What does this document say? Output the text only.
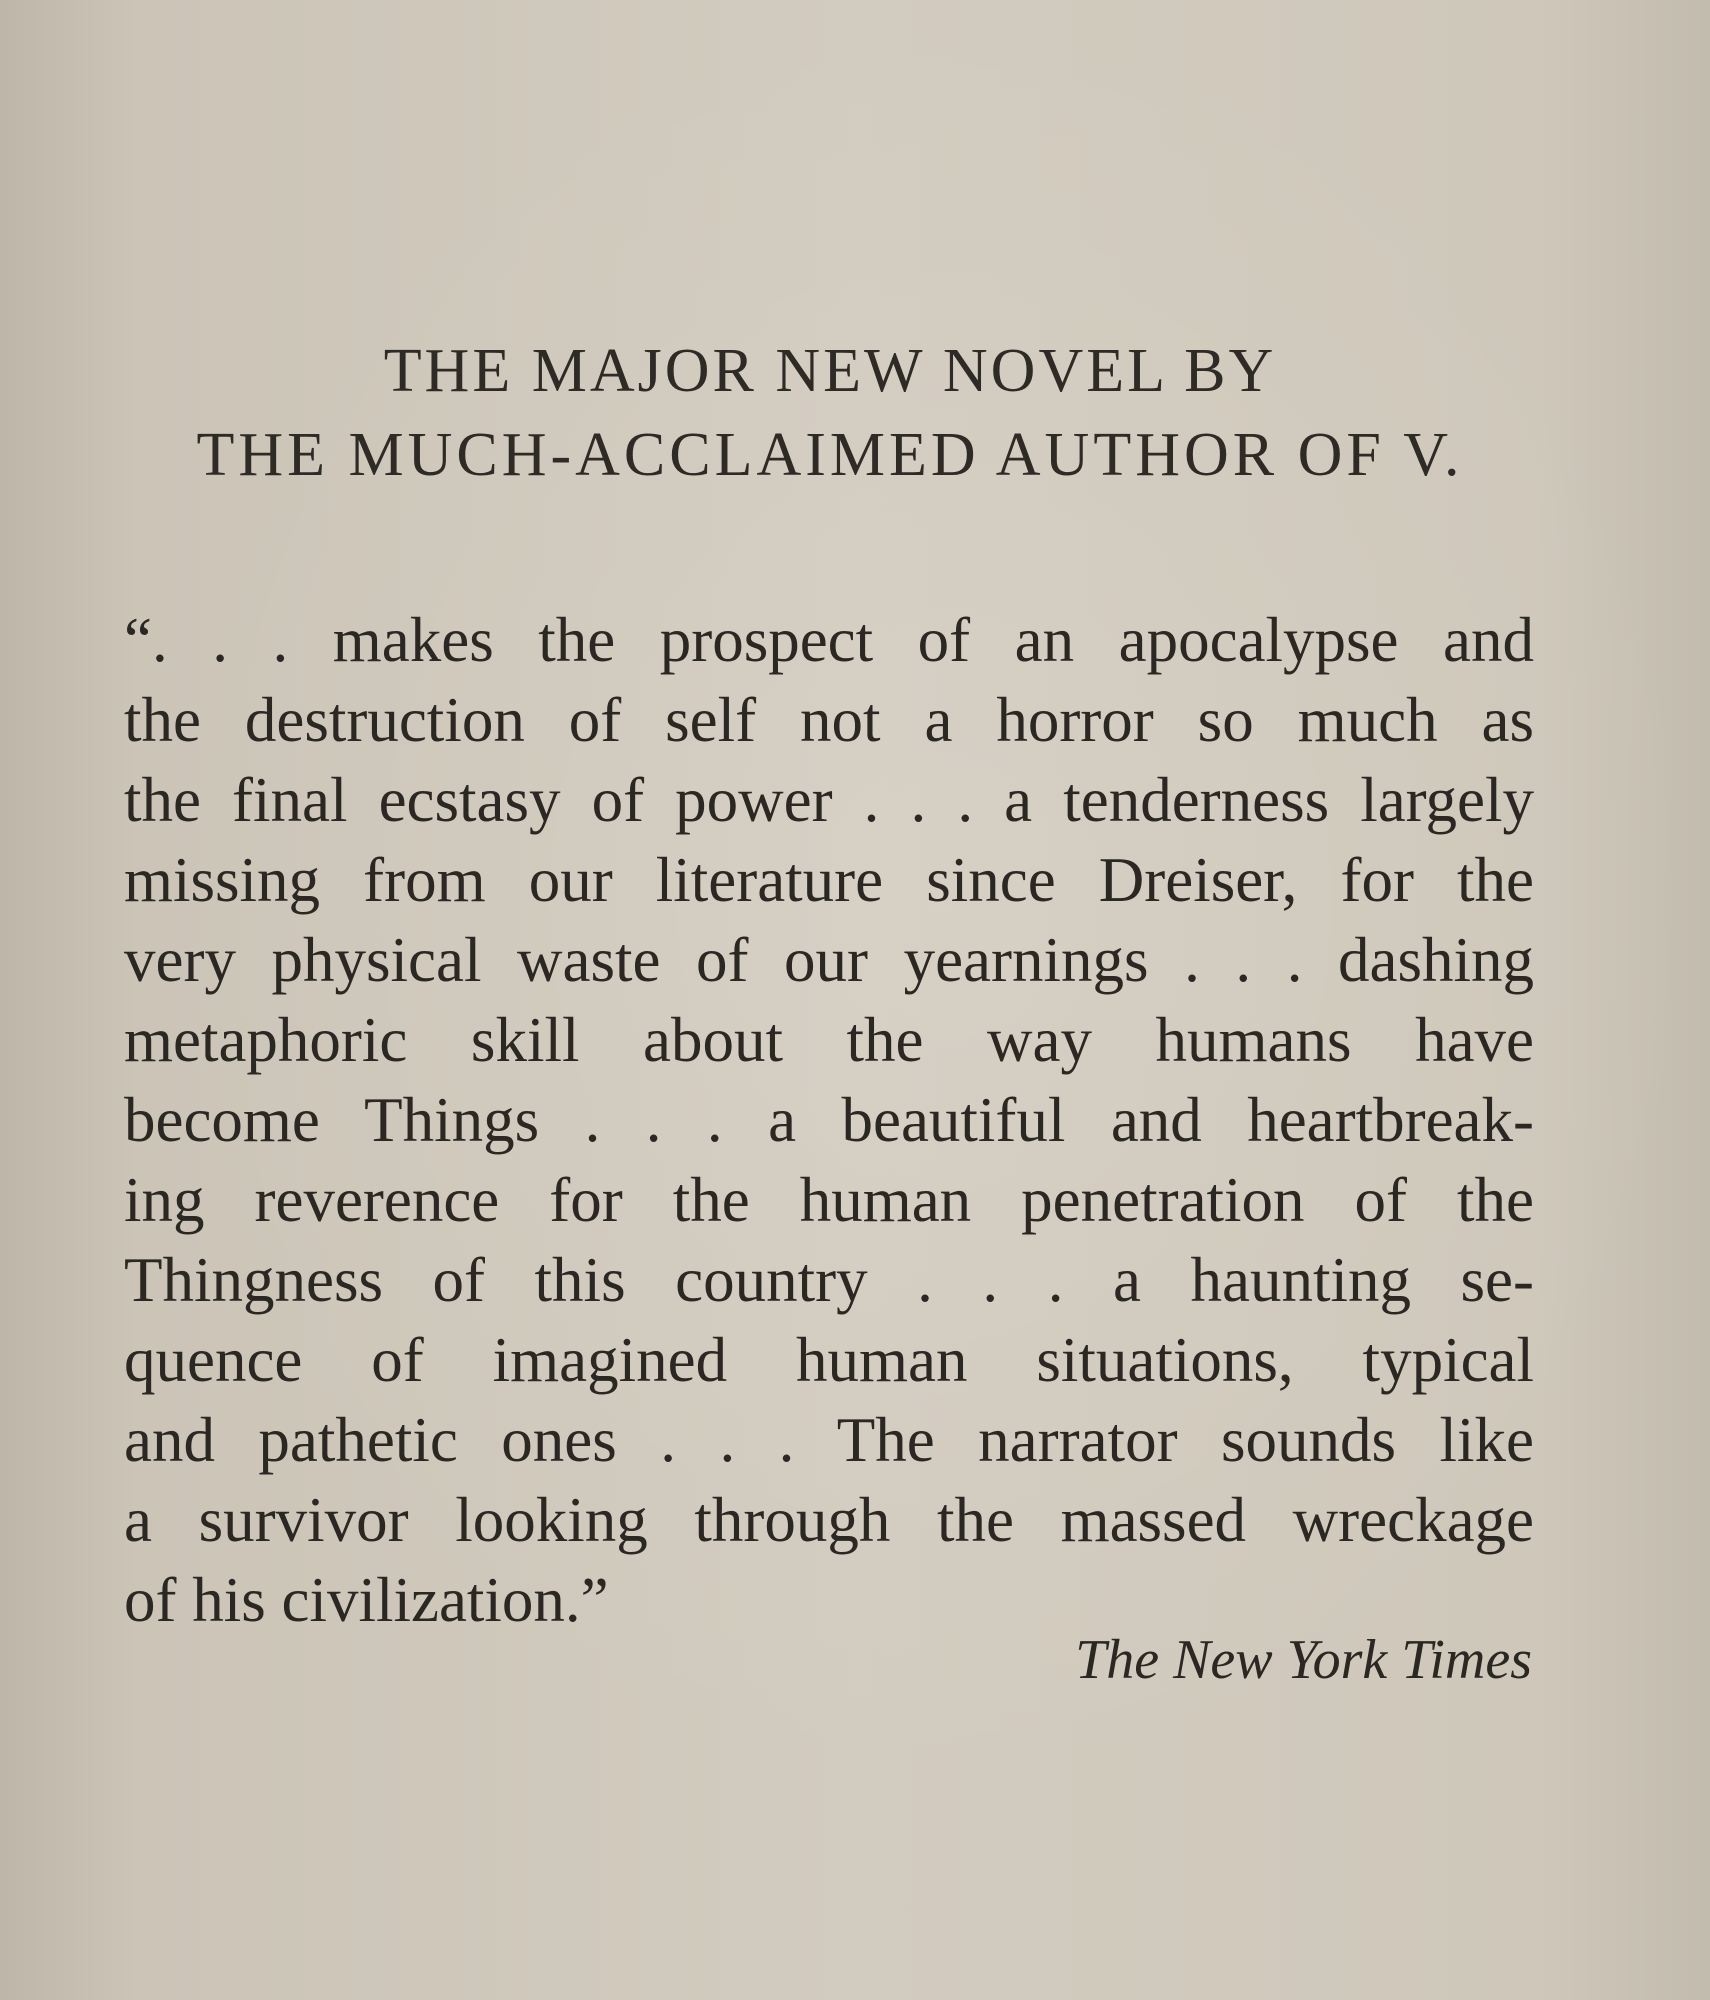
THE MAJOR NEW NOVEL BY
THE MUCH-ACCLAIMED AUTHOR OF V.
“. . . makes the prospect of an apocalypse and
the destruction of self not a horror so much as
the final ecstasy of power . . . a tenderness largely
missing from our literature since Dreiser, for the
very physical waste of our yearnings . . . dashing
metaphoric skill about the way humans have
become Things . . . a beautiful and heartbreak-
ing reverence for the human penetration of the
Thingness of this country . . . a haunting se-
quence of imagined human situations, typical
and pathetic ones . . . The narrator sounds like
a survivor looking through the massed wreckage
of his civilization.”
The New York Times
